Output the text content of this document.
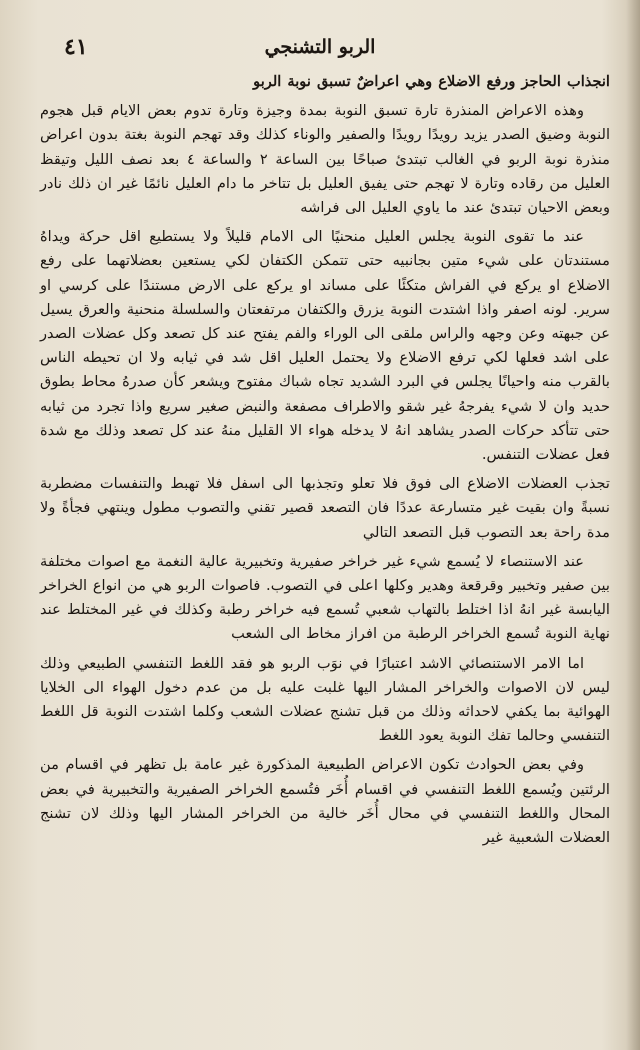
٤١	الربو التشنجي

انجذاب الحاجز ورفع الاضلاع وهي اعراضٌ تسبق نوبة الربو

وهذه الاعراض المنذرة تارة تسبق النوبة بمدة وجيزة وتارة تدوم بعض الايام قبل هجوم النوبة وضيق الصدر يزيد رويدًا رويدًا والصفير والوناء كذلك وقد تهجم النوبة بغتة بدون اعراض منذرة نوبة الربو في الغالب تبتدئ صباحًا بين الساعة ٢ والساعة ٤ بعد نصف الليل وتيقظ العليل من رقاده وتارة لا تهجم حتى يفيق العليل بل تتاخر ما دام العليل نائمًا غير ان ذلك نادر وبعض الاحيان تبتدئ عند ما ياوي العليل الى فراشه

عند ما تقوى النوبة يجلس العليل منحنيًا الى الامام قليلاً ولا يستطيع اقل حركة ويداهُ مستندتان على شيء متين بجانبيه حتى تتمكن الكتفان لكي يستعين بعضلاتهما على رفع الاضلاع او يركع في الفراش متكئًا على مساند او يركع على الارض مستندًا على كرسي او سرير. لونه اصفر واذا اشتدت النوبة يزرق والكتفان مرتفعتان والسلسلة منحنية والعرق يسيل عن جبهته وعن وجهه والراس ملقى الى الوراء والفم يفتح عند كل تصعد وكل عضلات الصدر على اشد فعلها لكي ترفع الاضلاع ولا يحتمل العليل اقل شد في ثيابه ولا ان تحيطه الناس بالقرب منه واحيانًا يجلس في البرد الشديد تجاه شباك مفتوح ويشعر كأن صدرهُ محاط بطوق حديد وان لا شيء يفرجهُ غير شقو والاطراف مصفعة والنبض صغير سريع واذا تجرد من ثيابه حتى تتأكد حركات الصدر يشاهد انهُ لا يدخله هواء الا القليل منهُ عند كل تصعد وذلك مع شدة فعل عضلات التنفس.

تجذب العضلات الاضلاع الى فوق فلا تعلو وتجذبها الى اسفل فلا تهبط والتنفسات مضطربة نسبةً وان بقيت غير متسارعة عددًا فان التصعد قصير تقني والتصوب مطول وينتهي فجأةً ولا مدة راحة بعد التصوب قبل التصعد التالي

عند الاستنصاء لا يُسمع شيء غير خراخر صفيرية وتخبيرية عالية النغمة مع اصوات مختلفة بين صفير وتخبير وقرقعة وهدير وكلها اعلى في التصوب. فاصوات الربو هي من انواع الخراخر اليابسة غير انهُ اذا اختلط بالتهاب شعبي تُسمع فيه خراخر رطبة وكذلك في غير المختلط عند نهاية النوبة تُسمع الخراخر الرطبة من افراز مخاط الى الشعب

اما الامر الاستنصائي الاشد اعتبارًا في نوَب الربو هو فقد اللغط التنفسي الطبيعي وذلك ليس لان الاصوات والخراخر المشار اليها غلبت عليه بل من عدم دخول الهواء الى الخلايا الهوائية بما يكفي لاحداثه وذلك من قبل تشنج عضلات الشعب وكلما اشتدت النوبة قل اللغط التنفسي وحالما تفك النوبة يعود اللغط

وفي بعض الحوادث تكون الاعراض الطبيعية المذكورة غير عامة بل تظهر في اقسام من الرئتين ويُسمع اللغط التنفسي في اقسام أُخَر فتُسمع الخراخر الصفيرية والتخبيرية في بعض المحال واللغط التنفسي في محال أُخَر خالية من الخراخر المشار اليها وذلك لان تشنج العضلات الشعبية غير
